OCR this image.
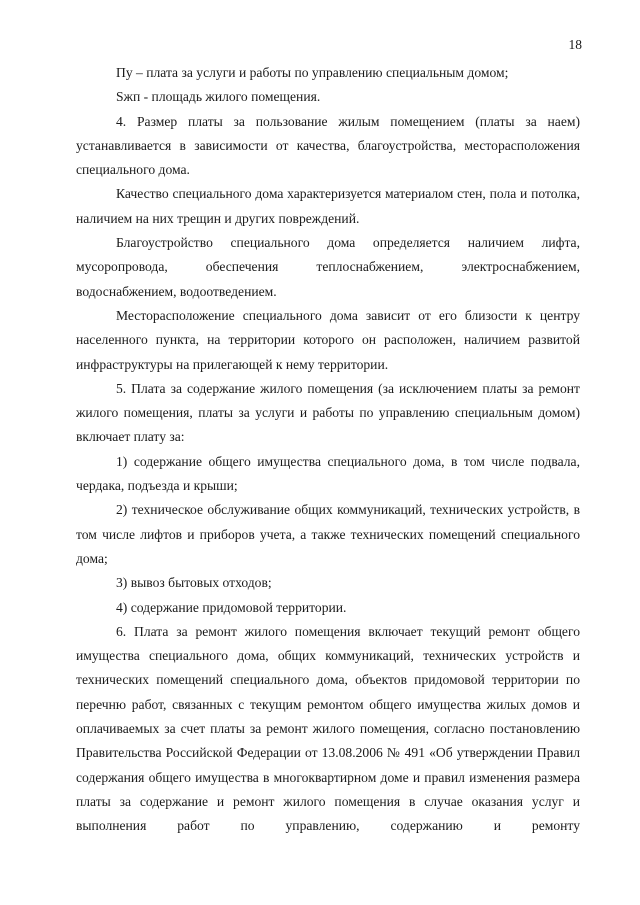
18

Пу – плата за услуги и работы по управлению специальным домом;

Sжп - площадь жилого помещения.

4. Размер платы за пользование жилым помещением (платы за наем) устанавливается в зависимости от качества, благоустройства, месторасположения специального дома.

Качество специального дома характеризуется материалом стен, пола и потолка, наличием на них трещин и других повреждений.

Благоустройство специального дома определяется наличием лифта, мусоропровода, обеспечения теплоснабжением, электроснабжением, водоснабжением, водоотведением.

Месторасположение специального дома зависит от его близости к центру населенного пункта, на территории которого он расположен, наличием развитой инфраструктуры на прилегающей к нему территории.

5. Плата за содержание жилого помещения (за исключением платы за ремонт жилого помещения, платы за услуги и работы по управлению специальным домом) включает плату за:

1) содержание общего имущества специального дома, в том числе подвала, чердака, подъезда и крыши;

2) техническое обслуживание общих коммуникаций, технических устройств, в том числе лифтов и приборов учета, а также технических помещений специального дома;

3) вывоз бытовых отходов;

4) содержание придомовой территории.

6. Плата за ремонт жилого помещения включает текущий ремонт общего имущества специального дома, общих коммуникаций, технических устройств и технических помещений специального дома, объектов придомовой территории по перечню работ, связанных с текущим ремонтом общего имущества жилых домов и оплачиваемых за счет платы за ремонт жилого помещения, согласно постановлению Правительства Российской Федерации от 13.08.2006 № 491 «Об утверждении Правил содержания общего имущества в многоквартирном доме и правил изменения размера платы за содержание и ремонт жилого помещения в случае оказания услуг и выполнения работ по управлению, содержанию и ремонту
